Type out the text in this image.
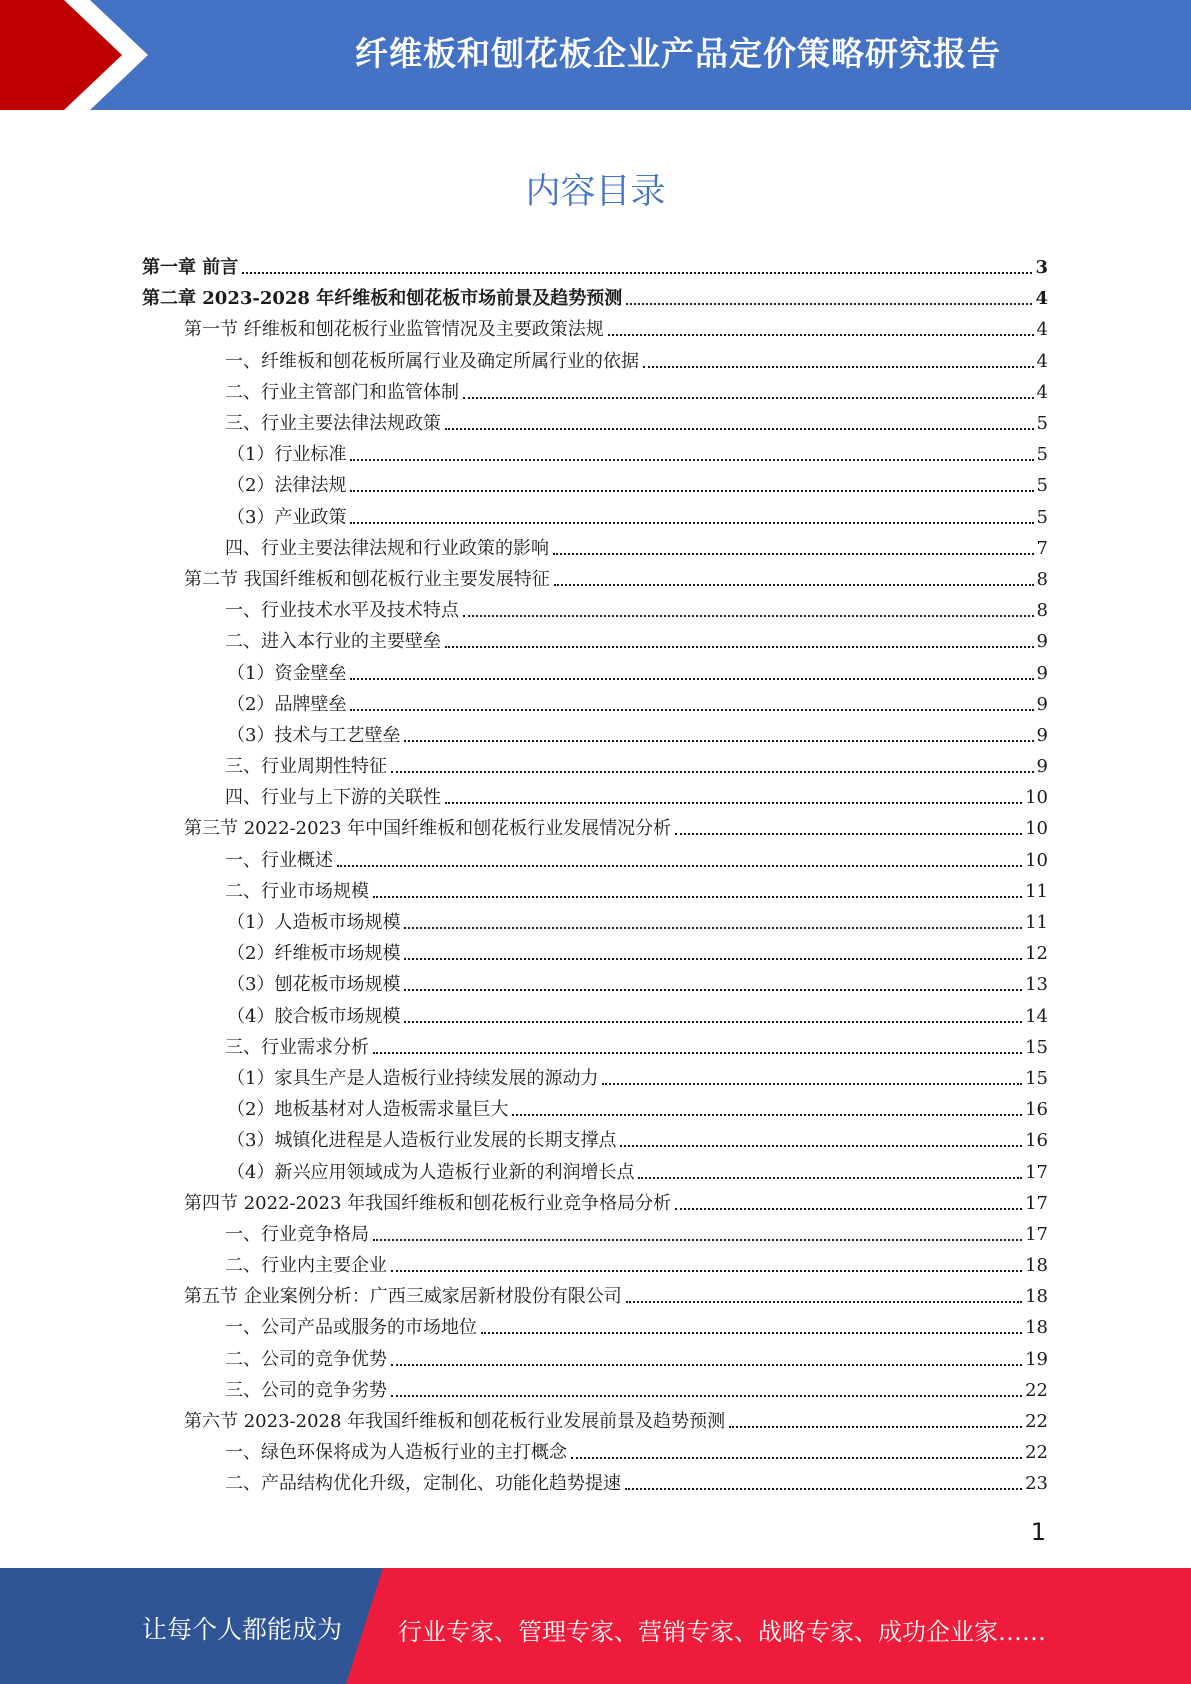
纤维板和刨花板企业产品定价策略研究报告
内容目录
第一章 前言	3
第二章 2023-2028 年纤维板和刨花板市场前景及趋势预测	4
第一节 纤维板和刨花板行业监管情况及主要政策法规	4
一、纤维板和刨花板所属行业及确定所属行业的依据	4
二、行业主管部门和监管体制	4
三、行业主要法律法规政策	5
（1）行业标准	5
（2）法律法规	5
（3）产业政策	5
四、行业主要法律法规和行业政策的影响	7
第二节 我国纤维板和刨花板行业主要发展特征	8
一、行业技术水平及技术特点	8
二、进入本行业的主要壁垒	9
（1）资金壁垒	9
（2）品牌壁垒	9
（3）技术与工艺壁垒	9
三、行业周期性特征	9
四、行业与上下游的关联性	10
第三节 2022-2023 年中国纤维板和刨花板行业发展情况分析	10
一、行业概述	10
二、行业市场规模	11
（1）人造板市场规模	11
（2）纤维板市场规模	12
（3）刨花板市场规模	13
（4）胶合板市场规模	14
三、行业需求分析	15
（1）家具生产是人造板行业持续发展的源动力	15
（2）地板基材对人造板需求量巨大	16
（3）城镇化进程是人造板行业发展的长期支撑点	16
（4）新兴应用领域成为人造板行业新的利润增长点	17
第四节 2022-2023 年我国纤维板和刨花板行业竞争格局分析	17
一、行业竞争格局	17
二、行业内主要企业	18
第五节 企业案例分析：广西三威家居新材股份有限公司	18
一、公司产品或服务的市场地位	18
二、公司的竞争优势	19
三、公司的竞争劣势	22
第六节 2023-2028 年我国纤维板和刨花板行业发展前景及趋势预测	22
一、绿色环保将成为人造板行业的主打概念	22
二、产品结构优化升级，定制化、功能化趋势提速	23
1
让每个人都能成为 行业专家、管理专家、营销专家、战略专家、成功企业家……
